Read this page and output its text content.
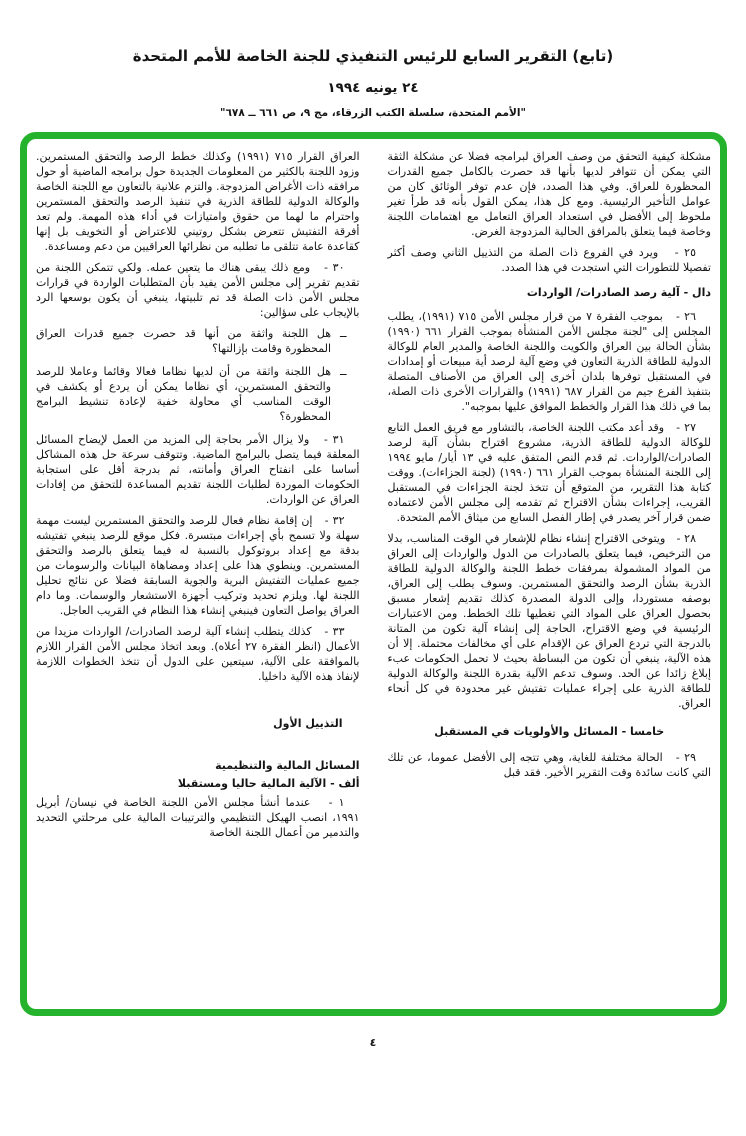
(تابع) التقرير السابع للرئيس التنفيذي للجنة الخاصة للأمم المتحدة
٢٤ يونيه ١٩٩٤
"الأمم المتحدة، سلسلة الكتب الزرقاء، مج ٩، ص ٦٦١ ــ ٦٧٨"

مشكلة كيفية التحقق من وصف العراق لبرامجه فضلا عن مشكلة الثقة التي يمكن أن تتوافر لديها بأنها قد حصرت بالكامل جميع القدرات المحظورة للعراق. وفي هذا الصدد، فإن عدم توفر الوثائق كان من عوامل التأخير الرئيسية. ومع كل هذا، يمكن القول بأنه قد طرأ تغير ملحوظ إلى الأفضل في استعداد العراق التعامل مع اهتمامات اللجنة وخاصة فيما يتعلق بالمرافق الحالية المزدوجة الغرض.

٢٥ -   ويرد في الفروع ذات الصلة من التذييل الثاني وصف أكثر تفصيلا للتطورات التي استجدت في هذا الصدد.

دال - آلية رصد الصادرات/ الواردات

٢٦ -   بموجب الفقرة ٧ من قرار مجلس الأمن ٧١٥ (١٩٩١)، يطلب المجلس إلى "لجنة مجلس الأمن المنشأة بموجب القرار ٦٦١ (١٩٩٠) بشأن الحالة بين العراق والكويت واللجنة الخاصة والمدير العام للوكالة الدولية للطاقة الذرية التعاون في وضع آلية لرصد أية مبيعات أو إمدادات في المستقبل توفرها بلدان أخرى إلى العراق من الأصناف المتصلة بتنفيذ الفرع جيم من القرار ٦٨٧ (١٩٩١) والقرارات الأخرى ذات الصلة، بما في ذلك هذا القرار والخطط الموافق عليها بموجبه".

٢٧ -   وقد أعد مكتب اللجنة الخاصة، بالتشاور مع فريق العمل التابع للوكالة الدولية للطاقة الذرية، مشروع اقتراح بشأن آلية لرصد الصادرات/الواردات. ثم قدم النص المتفق عليه في ١٣ أيار/ مايو ١٩٩٤ إلى اللجنة المنشأة بموجب القرار ٦٦١ (١٩٩٠) (لجنة الجزاءات). ووقت كتابة هذا التقرير، من المتوقع أن تتخذ لجنة الجزاءات في المستقبل القريب، إجراءات بشأن الاقتراح ثم تقدمه إلى مجلس الأمن لاعتماده ضمن قرار آخر يصدر في إطار الفصل السابع من ميثاق الأمم المتحدة.

٢٨ -   ويتوخى الاقتراح إنشاء نظام للإشعار في الوقت المناسب، بدلا من الترخيص، فيما يتعلق بالصادرات من الدول والواردات إلى العراق من المواد المشمولة بمرفقات خطط اللجنة والوكالة الدولية للطاقة الذرية بشأن الرصد والتحقق المستمرين. وسوف يطلب إلى العراق، بوصفه مستوردا، وإلى الدولة المصدرة كذلك تقديم إشعار مسبق بحصول العراق على المواد التي تغطيها تلك الخطط. ومن الاعتبارات الرئيسية في وضع الاقتراح، الحاجة إلى إنشاء آلية تكون من المتانة بالدرجة التي تردع العراق عن الإقدام على أي مخالفات محتملة. إلا أن هذه الآلية، ينبغي أن تكون من البساطة بحيث لا تحمل الحكومات عبء إبلاغ زائدا عن الحد. وسوف تدعم الآلية بقدرة اللجنة والوكالة الدولية للطاقة الذرية على إجراء عمليات تفتيش غير محدودة في كل أنحاء العراق.

خامسا - المسائل والأولويات في المستقبل

٢٩ -   الحالة مختلفة للغاية، وهي تتجه إلى الأفضل عموما، عن تلك التي كانت سائدة وقت التقرير الأخير. فقد قبل

العراق القرار ٧١٥ (١٩٩١) وكذلك خطط الرصد والتحقق المستمرين. وزود اللجنة بالكثير من المعلومات الجديدة حول برامجه الماضية أو حول مرافقه ذات الأغراض المزدوجة. والتزم علانية بالتعاون مع اللجنة الخاصة والوكالة الدولية للطاقة الذرية في تنفيذ الرصد والتحقق المستمرين واحترام ما لهما من حقوق وامتيازات في أداء هذه المهمة. ولم تعد أفرقة التفتيش تتعرض بشكل روتيني للاعتراض أو التخويف بل إنها كقاعدة عامة تتلقى ما تطلبه من نظرائها العراقيين من دعم ومساعدة.

٣٠ -   ومع ذلك يبقى هناك ما يتعين عمله. ولكي تتمكن اللجنة من تقديم تقرير إلى مجلس الأمن يفيد بأن المتطلبات الواردة في قرارات مجلس الأمن ذات الصلة قد تم تلبيتها، ينبغي أن يكون بوسعها الرد بالإيجاب على سؤالين:

ــ
هل اللجنة واثقة من أنها قد حصرت جميع قدرات العراق المحظورة وقامت بإزالتها؟
ــ
هل اللجنة واثقة من أن لديها نظاما فعالا وقائما وعاملا للرصد والتحقق المستمرين، أي نظاما يمكن أن يردع أو يكشف في الوقت المناسب أي محاولة خفية لإعادة تنشيط البرامج المحظورة؟

٣١ -   ولا يزال الأمر بحاجة إلى المزيد من العمل لإيضاح المسائل المعلقة فيما يتصل بالبرامج الماضية. وتتوقف سرعة حل هذه المشاكل أساسا على انفتاح العراق وأمانته، ثم بدرجة أقل على استجابة الحكومات الموردة لطلبات اللجنة تقديم المساعدة للتحقق من إفادات العراق عن الواردات.

٣٢ -   إن إقامة نظام فعال للرصد والتحقق المستمرين ليست مهمة سهلة ولا تسمح بأي إجراءات مبتسرة. فكل موقع للرصد ينبغي تفتيشه بدقة مع إعداد بروتوكول بالنسبة له فيما يتعلق بالرصد والتحقق المستمرين. وينطوي هذا على إعداد ومضاهاة البيانات والرسومات من جميع عمليات التفتيش البرية والجوية السابقة فضلا عن نتائج تحليل اللجنة لها. ويلزم تحديد وتركيب أجهزة الاستشعار والوسمات. وما دام العراق يواصل التعاون فينبغي إنشاء هذا النظام في القريب العاجل.

٣٣ -   كذلك يتطلب إنشاء آلية لرصد الصادرات/ الواردات مزيدا من الأعمال (انظر الفقرة ٢٧ أعلاه). وبعد اتخاذ مجلس الأمن القرار اللازم بالموافقة على الآلية، سيتعين على الدول أن تتخذ الخطوات اللازمة لإنفاذ هذه الآلية داخليا.

التذييل الأول
المسائل المالية والتنظيمية
ألف - الآلية المالية حاليا ومستقبلا

١ -   عندما أنشأ مجلس الأمن اللجنة الخاصة في نيسان/ أبريل ١٩٩١، انصب الهيكل التنظيمي والترتيبات المالية على مرحلتي التحديد والتدمير من أعمال اللجنة الخاصة

٤
